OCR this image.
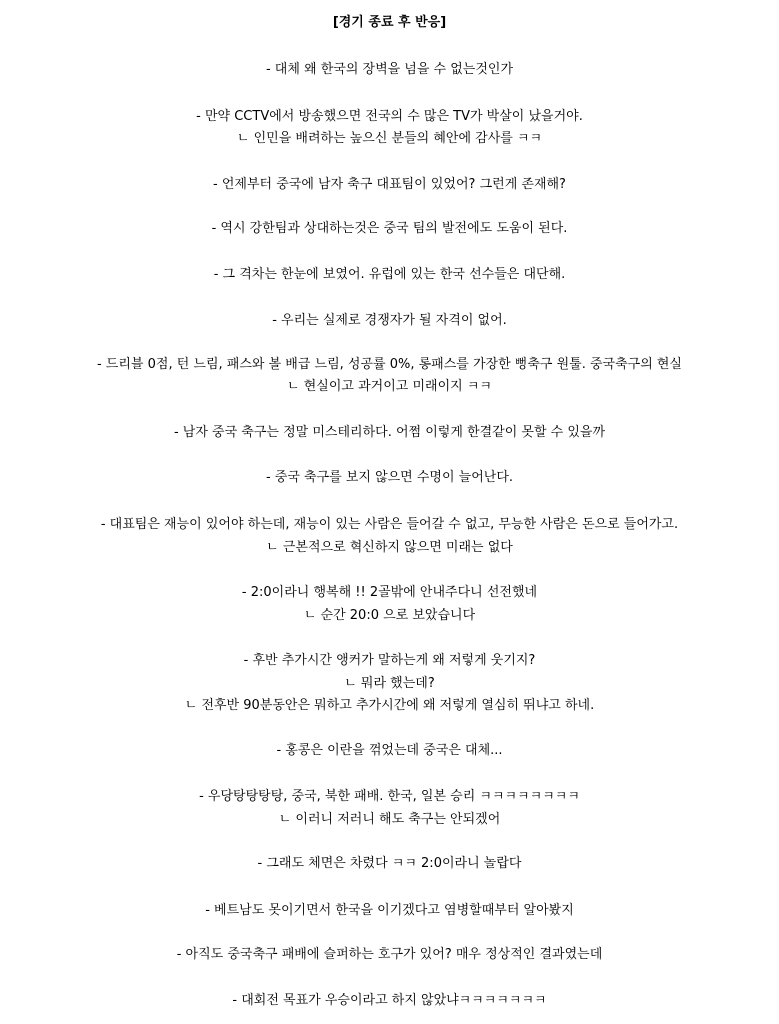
[경기 종료 후 반응]
- 대체 왜 한국의 장벽을 넘을 수 없는것인가
- 만약 CCTV에서 방송했으면 전국의 수 많은 TV가 박살이 났을거야.
ㄴ 인민을 배려하는 높으신 분들의 혜안에 감사를 ㅋㅋ
- 언제부터 중국에 남자 축구 대표팀이 있었어? 그런게 존재해?
- 역시 강한팀과 상대하는것은 중국 팀의 발전에도 도움이 된다.
- 그 격차는 한눈에 보였어. 유럽에 있는 한국 선수들은 대단해.
- 우리는 실제로 경쟁자가 될 자격이 없어.
- 드리블 0점, 턴 느림, 패스와 볼 배급 느림, 성공률 0%, 롱패스를 가장한 뻥축구 원툴. 중국축구의 현실
ㄴ 현실이고 과거이고 미래이지 ㅋㅋ
- 남자 중국 축구는 정말 미스테리하다. 어쩜 이렇게 한결같이 못할 수 있을까
- 중국 축구를 보지 않으면 수명이 늘어난다.
- 대표팀은 재능이 있어야 하는데, 재능이 있는 사람은 들어갈 수 없고, 무능한 사람은 돈으로 들어가고.
ㄴ 근본적으로 혁신하지 않으면 미래는 없다
- 2:0이라니 행복해 !! 2골밖에 안내주다니 선전했네
ㄴ 순간 20:0 으로 보았습니다
- 후반 추가시간 앵커가 말하는게 왜 저렇게 웃기지?
ㄴ 뭐라 했는데?
ㄴ 전후반 90분동안은 뭐하고 추가시간에 왜 저렇게 열심히 뛰냐고 하네.
- 홍콩은 이란을 꺾었는데 중국은 대체...
- 우당탕탕탕탕, 중국, 북한 패배. 한국, 일본 승리 ㅋㅋㅋㅋㅋㅋㅋㅋ
ㄴ 이러니 저러니 해도 축구는 안되겠어
- 그래도 체면은 차렸다 ㅋㅋ 2:0이라니 놀랍다
- 베트남도 못이기면서 한국을 이기겠다고 염병할때부터 알아봤지
- 아직도 중국축구 패배에 슬퍼하는 호구가 있어? 매우 정상적인 결과였는데
- 대회전 목표가 우승이라고 하지 않았냐ㅋㅋㅋㅋㅋㅋㅋ
